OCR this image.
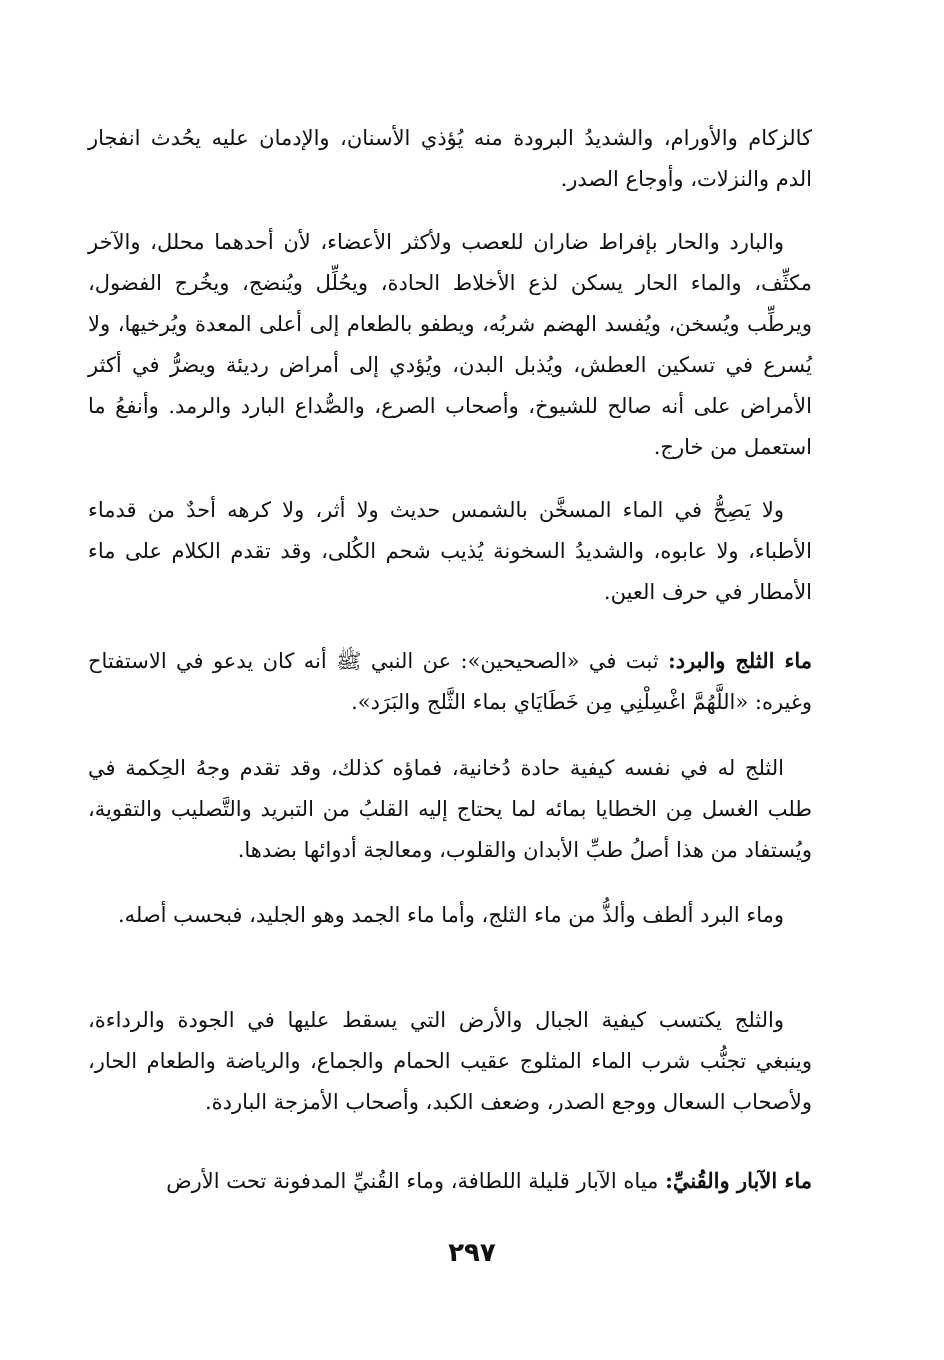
كالزكام والأورام، والشديدُ البرودة منه يُؤذي الأسنان، والإدمان عليه يحُدث انفجار الدم والنزلات، وأوجاع الصدر.

والبارد والحار بإفراط ضاران للعصب ولأكثر الأعضاء، لأن أحدهما محلل، والآخر مكثِّف، والماء الحار يسكن لذع الأخلاط الحادة، ويحُلِّل ويُنضج، ويخُرج الفضول، ويرطِّب ويُسخن، ويُفسد الهضم شربُه، ويطفو بالطعام إلى أعلى المعدة ويُرخيها، ولا يُسرع في تسكين العطش، ويُذبل البدن، ويُؤدي إلى أمراض رديئة ويضرُّ في أكثر الأمراض على أنه صالح للشيوخ، وأصحاب الصرع، والصُّداع البارد والرمد. وأنفعُ ما استعمل من خارج.

ولا يَصِحُّ في الماء المسخَّن بالشمس حديث ولا أثر، ولا كرهه أحدٌ من قدماء الأطباء، ولا عابوه، والشديدُ السخونة يُذيب شحم الكُلى، وقد تقدم الكلام على ماء الأمطار في حرف العين.

ماء الثلج والبرد: ثبت في «الصحيحين»: عن النبي ﷺ أنه كان يدعو في الاستفتاح وغيره: «اللَّهُمَّ اغْسِلْنِي مِن خَطَايَاي بماء الثَّلج والبَرَد».

الثلج له في نفسه كيفية حادة دُخانية، فماؤه كذلك، وقد تقدم وجهُ الحِكمة في طلب الغسل مِن الخطايا بمائه لما يحتاج إليه القلبُ من التبريد والتَّصليب والتقوية، ويُستفاد من هذا أصلُ طبِّ الأبدان والقلوب، ومعالجة أدوائها بضدها.

وماء البرد ألطف وألذُّ من ماء الثلج، وأما ماء الجمد وهو الجليد، فبحسب أصله.

والثلج يكتسب كيفية الجبال والأرض التي يسقط عليها في الجودة والرداءة، وينبغي تجنُّب شرب الماء المثلوج عقيب الحمام والجماع، والرياضة والطعام الحار، ولأصحاب السعال ووجع الصدر، وضعف الكبد، وأصحاب الأمزجة الباردة.

ماء الآبار والقُنيِّ: مياه الآبار قليلة اللطافة، وماء القُنيِّ المدفونة تحت الأرض

٢٩٧
